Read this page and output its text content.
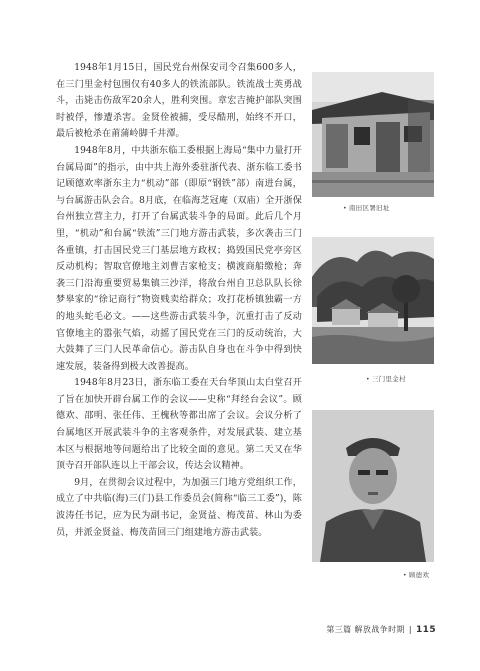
1948年1月15日，国民党台州保安司令召集600多人，在三门里金村包围仅有40多人的铁流部队。铁流战士英勇战斗，击毙击伤敌军20余人，胜利突围。章宏吉掩护部队突围时被俘，惨遭杀害。金贤佺被捕，受尽酷刑，始终不开口，最后被枪杀在莆蒲岭脚千井潭。

1948年8月，中共浙东临工委根据上海局“集中力量打开台属局面”的指示，由中共上海外委驻浙代表、浙东临工委书记顾德欢率浙东主力“机动”部（即原“钢铁”部）南进台属，与台属游击队会合。8月底，在临海芝冠庵（双庙）全开浙保台州独立营主力，打开了台属武装斗争的局面。此后几个月里，“机动”和台属“铁流”三门地方游击武装，多次袭击三门各重镇，打击国民党三门基层地方政权；捣毁国民党亭旁区反动机构；智取官僚地主刘曹吉家枪支；横渡商船缴枪；奔袭三门沿海重要贸易集镇三沙洋，将敌台州自卫总队队长徐梦皋家的“徐记商行”物资贱卖给群众；攻打花桥镇独霸一方的地头蛇毛必文。——这些游击武装斗争，沉重打击了反动官僚地主的嚣张气焰，动摇了国民党在三门的反动统治，大大鼓舞了三门人民革命信心。游击队自身也在斗争中得到快速发展，装备得到极大改善提高。

1948年8月23日，浙东临工委在天台华顶山太白堂召开了旨在加快开辟台属工作的会议——史称“拜经台会议”。顾德欢、邵明、张任伟、王槐秋等都出席了会议。会议分析了台属地区开展武装斗争的主客观条件，对发展武装、建立基本区与根据地等问题给出了比较全面的意见。第二天又在华顶寺召开部队连以上干部会议，传达会议精神。

9月，在贯彻会议过程中，为加强三门地方党组织工作，成立了中共临(海)三(门)县工作委员会(简称“临三工委”)，陈波涛任书记，应为民为副书记，金贤益、梅茂苗、林山为委员，并派金贤益、梅茂苗回三门组建地方游击武装。

• 南田区署旧址
• 三门里金村
• 顾德欢
第三篇 解放战争时期 | 115
